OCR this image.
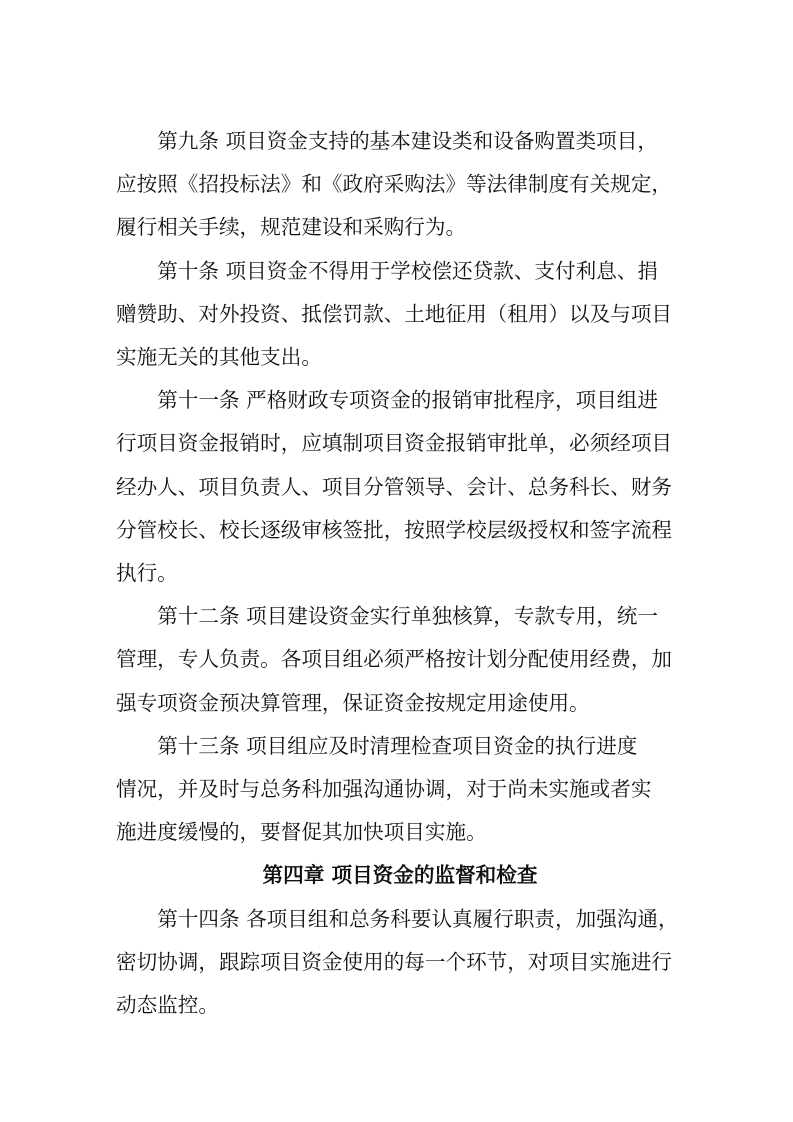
第九条 项目资金支持的基本建设类和设备购置类项目，
应按照《招投标法》和《政府采购法》等法律制度有关规定，
履行相关手续，规范建设和采购行为。

第十条 项目资金不得用于学校偿还贷款、支付利息、捐
赠赞助、对外投资、抵偿罚款、土地征用（租用）以及与项目
实施无关的其他支出。

第十一条 严格财政专项资金的报销审批程序，项目组进
行项目资金报销时，应填制项目资金报销审批单，必须经项目
经办人、项目负责人、项目分管领导、会计、总务科长、财务
分管校长、校长逐级审核签批，按照学校层级授权和签字流程
执行。

第十二条 项目建设资金实行单独核算，专款专用，统一
管理，专人负责。各项目组必须严格按计划分配使用经费，加
强专项资金预决算管理，保证资金按规定用途使用。

第十三条 项目组应及时清理检查项目资金的执行进度
情况，并及时与总务科加强沟通协调，对于尚未实施或者实
施进度缓慢的，要督促其加快项目实施。

第四章 项目资金的监督和检查

第十四条 各项目组和总务科要认真履行职责，加强沟通，
密切协调，跟踪项目资金使用的每一个环节，对项目实施进行
动态监控。
